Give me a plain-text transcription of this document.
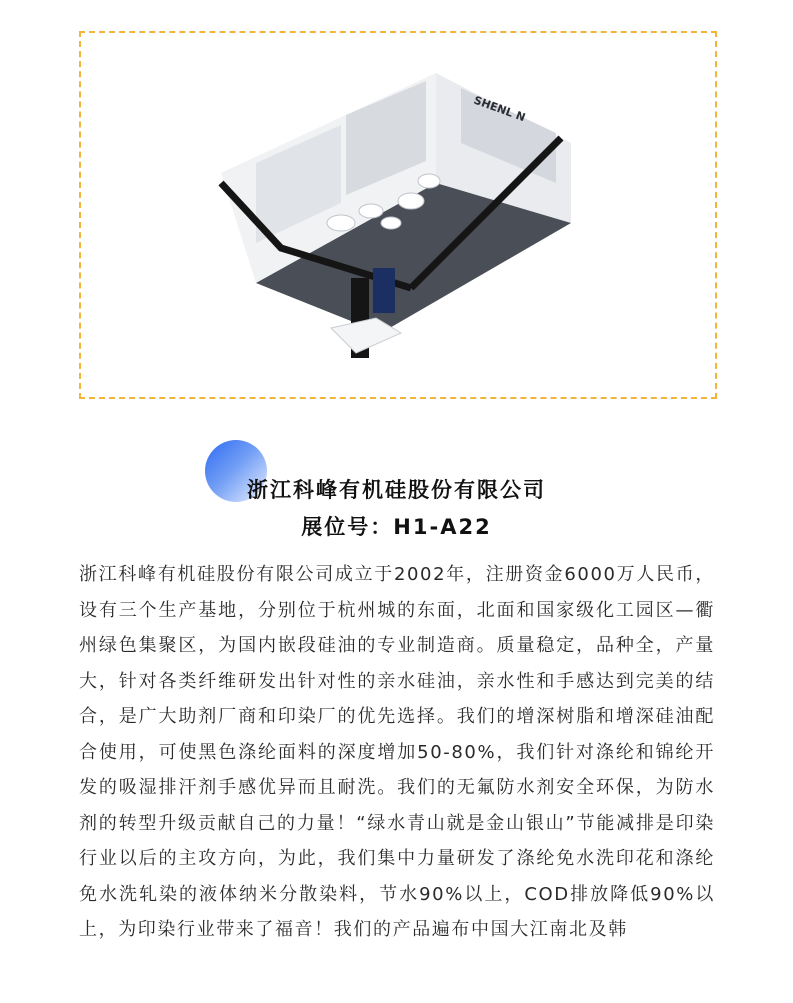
SHENL N
浙江科峰有机硅股份有限公司
展位号：H1-A22

浙江科峰有机硅股份有限公司成立于2002年，注册资金6000万人民币，设有三个生产基地，分别位于杭州城的东面，北面和国家级化工园区—衢州绿色集聚区，为国内嵌段硅油的专业制造商。质量稳定，品种全，产量大，针对各类纤维研发出针对性的亲水硅油，亲水性和手感达到完美的结合，是广大助剂厂商和印染厂的优先选择。我们的增深树脂和增深硅油配合使用，可使黑色涤纶面料的深度增加50-80%，我们针对涤纶和锦纶开发的吸湿排汗剂手感优异而且耐洗。我们的无氟防水剂安全环保，为防水剂的转型升级贡献自己的力量！“绿水青山就是金山银山”节能减排是印染行业以后的主攻方向，为此，我们集中力量研发了涤纶免水洗印花和涤纶免水洗轧染的液体纳米分散染料，节水90%以上，COD排放降低90%以上，为印染行业带来了福音！我们的产品遍布中国大江南北及韩
